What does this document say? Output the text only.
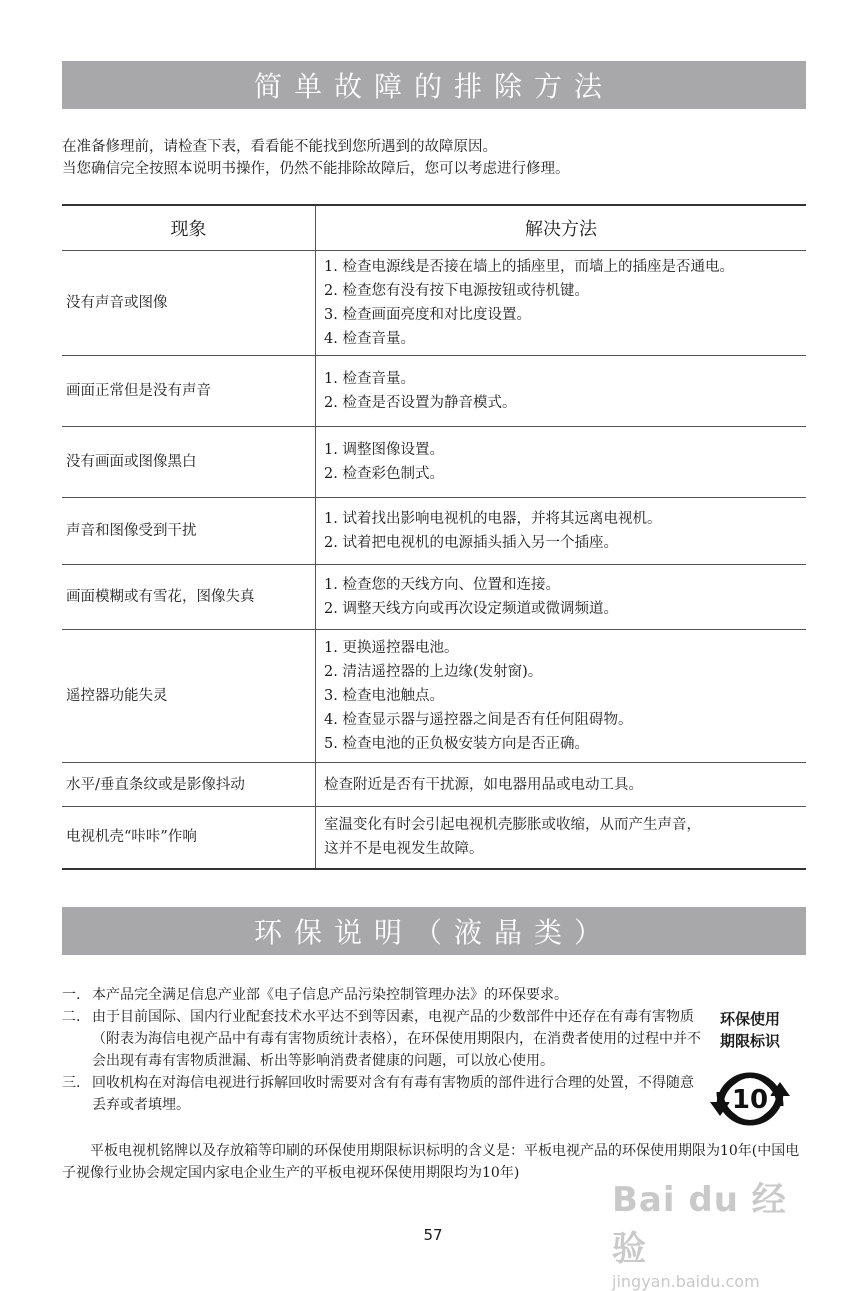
简单故障的排除方法
在准备修理前，请检查下表，看看能不能找到您所遇到的故障原因。
当您确信完全按照本说明书操作，仍然不能排除故障后，您可以考虑进行修理。
现象	解决方法
没有声音或图像	1. 检查电源线是否接在墙上的插座里，而墙上的插座是否通电。
2. 检查您有没有按下电源按钮或待机键。
3. 检查画面亮度和对比度设置。
4. 检查音量。

画面正常但是没有声音	1. 检查音量。
2. 检查是否设置为静音模式。

没有画面或图像黑白	1. 调整图像设置。
2. 检查彩色制式。

声音和图像受到干扰	1. 试着找出影响电视机的电器，并将其远离电视机。
2. 试着把电视机的电源插头插入另一个插座。

画面模糊或有雪花，图像失真	1. 检查您的天线方向、位置和连接。
2. 调整天线方向或再次设定频道或微调频道。

遥控器功能失灵	1. 更换遥控器电池。
2. 清洁遥控器的上边缘(发射窗)。
3. 检查电池触点。
4. 检查显示器与遥控器之间是否有任何阻碍物。
5. 检查电池的正负极安装方向是否正确。

水平/垂直条纹或是影像抖动	检查附近是否有干扰源，如电器用品或电动工具。

电视机壳“咔咔”作响	室温变化有时会引起电视机壳膨胀或收缩，从而产生声音，
这并不是电视发生故障。
环保说明（液晶类）
一. 本产品完全满足信息产业部《电子信息产品污染控制管理办法》的环保要求。
二. 由于目前国际、国内行业配套技术水平达不到等因素，电视产品的少数部件中还存在有毒有害物质（附表为海信电视产品中有毒有害物质统计表格），在环保使用期限内，在消费者使用的过程中并不会出现有毒有害物质泄漏、析出等影响消费者健康的问题，可以放心使用。
三. 回收机构在对海信电视进行拆解回收时需要对含有有毒有害物质的部件进行合理的处置，不得随意丢弃或者填埋。
平板电视机铭牌以及存放箱等印刷的环保使用期限标识标明的含义是：平板电视产品的环保使用期限为10年(中国电子视像行业协会规定国内家电企业生产的平板电视环保使用期限均为10年)
环保使用
期限标识
10
57
Bai du 经验
jingyan.baidu.com
